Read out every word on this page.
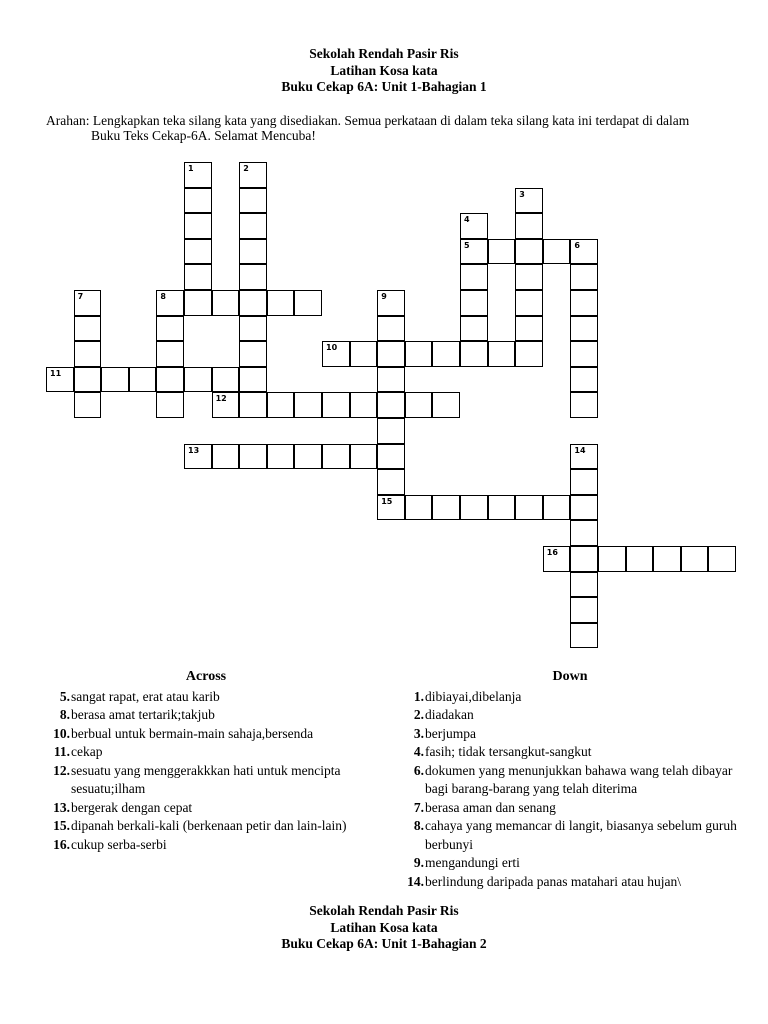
Sekolah Rendah Pasir Ris
Latihan Kosa kata
Buku Cekap 6A: Unit 1-Bahagian 1
Arahan: Lengkapkan teka silang kata yang disediakan. Semua perkataan di dalam teka silang kata ini terdapat di dalam
Buku Teks Cekap-6A. Selamat Mencuba!
1	2
3
4
5	6
7	8	9
10
11
12
13	14
15
16
Across
5. sangat rapat, erat atau karib
8. berasa amat tertarik;takjub
10. berbual untuk bermain-main sahaja,bersenda
11. cekap
12. sesuatu yang menggerakkkan hati untuk mencipta sesuatu;ilham
13. bergerak dengan cepat
15. dipanah berkali-kali (berkenaan petir dan lain-lain)
16. cukup serba-serbi
Down
1. dibiayai,dibelanja
2. diadakan
3. berjumpa
4. fasih; tidak tersangkut-sangkut
6. dokumen yang menunjukkan bahawa wang telah dibayar bagi barang-barang yang telah diterima
7. berasa aman dan senang
8. cahaya yang memancar di langit, biasanya sebelum guruh berbunyi
9. mengandungi erti
14. berlindung daripada panas matahari atau hujan\
Sekolah Rendah Pasir Ris
Latihan Kosa kata
Buku Cekap 6A: Unit 1-Bahagian 2
